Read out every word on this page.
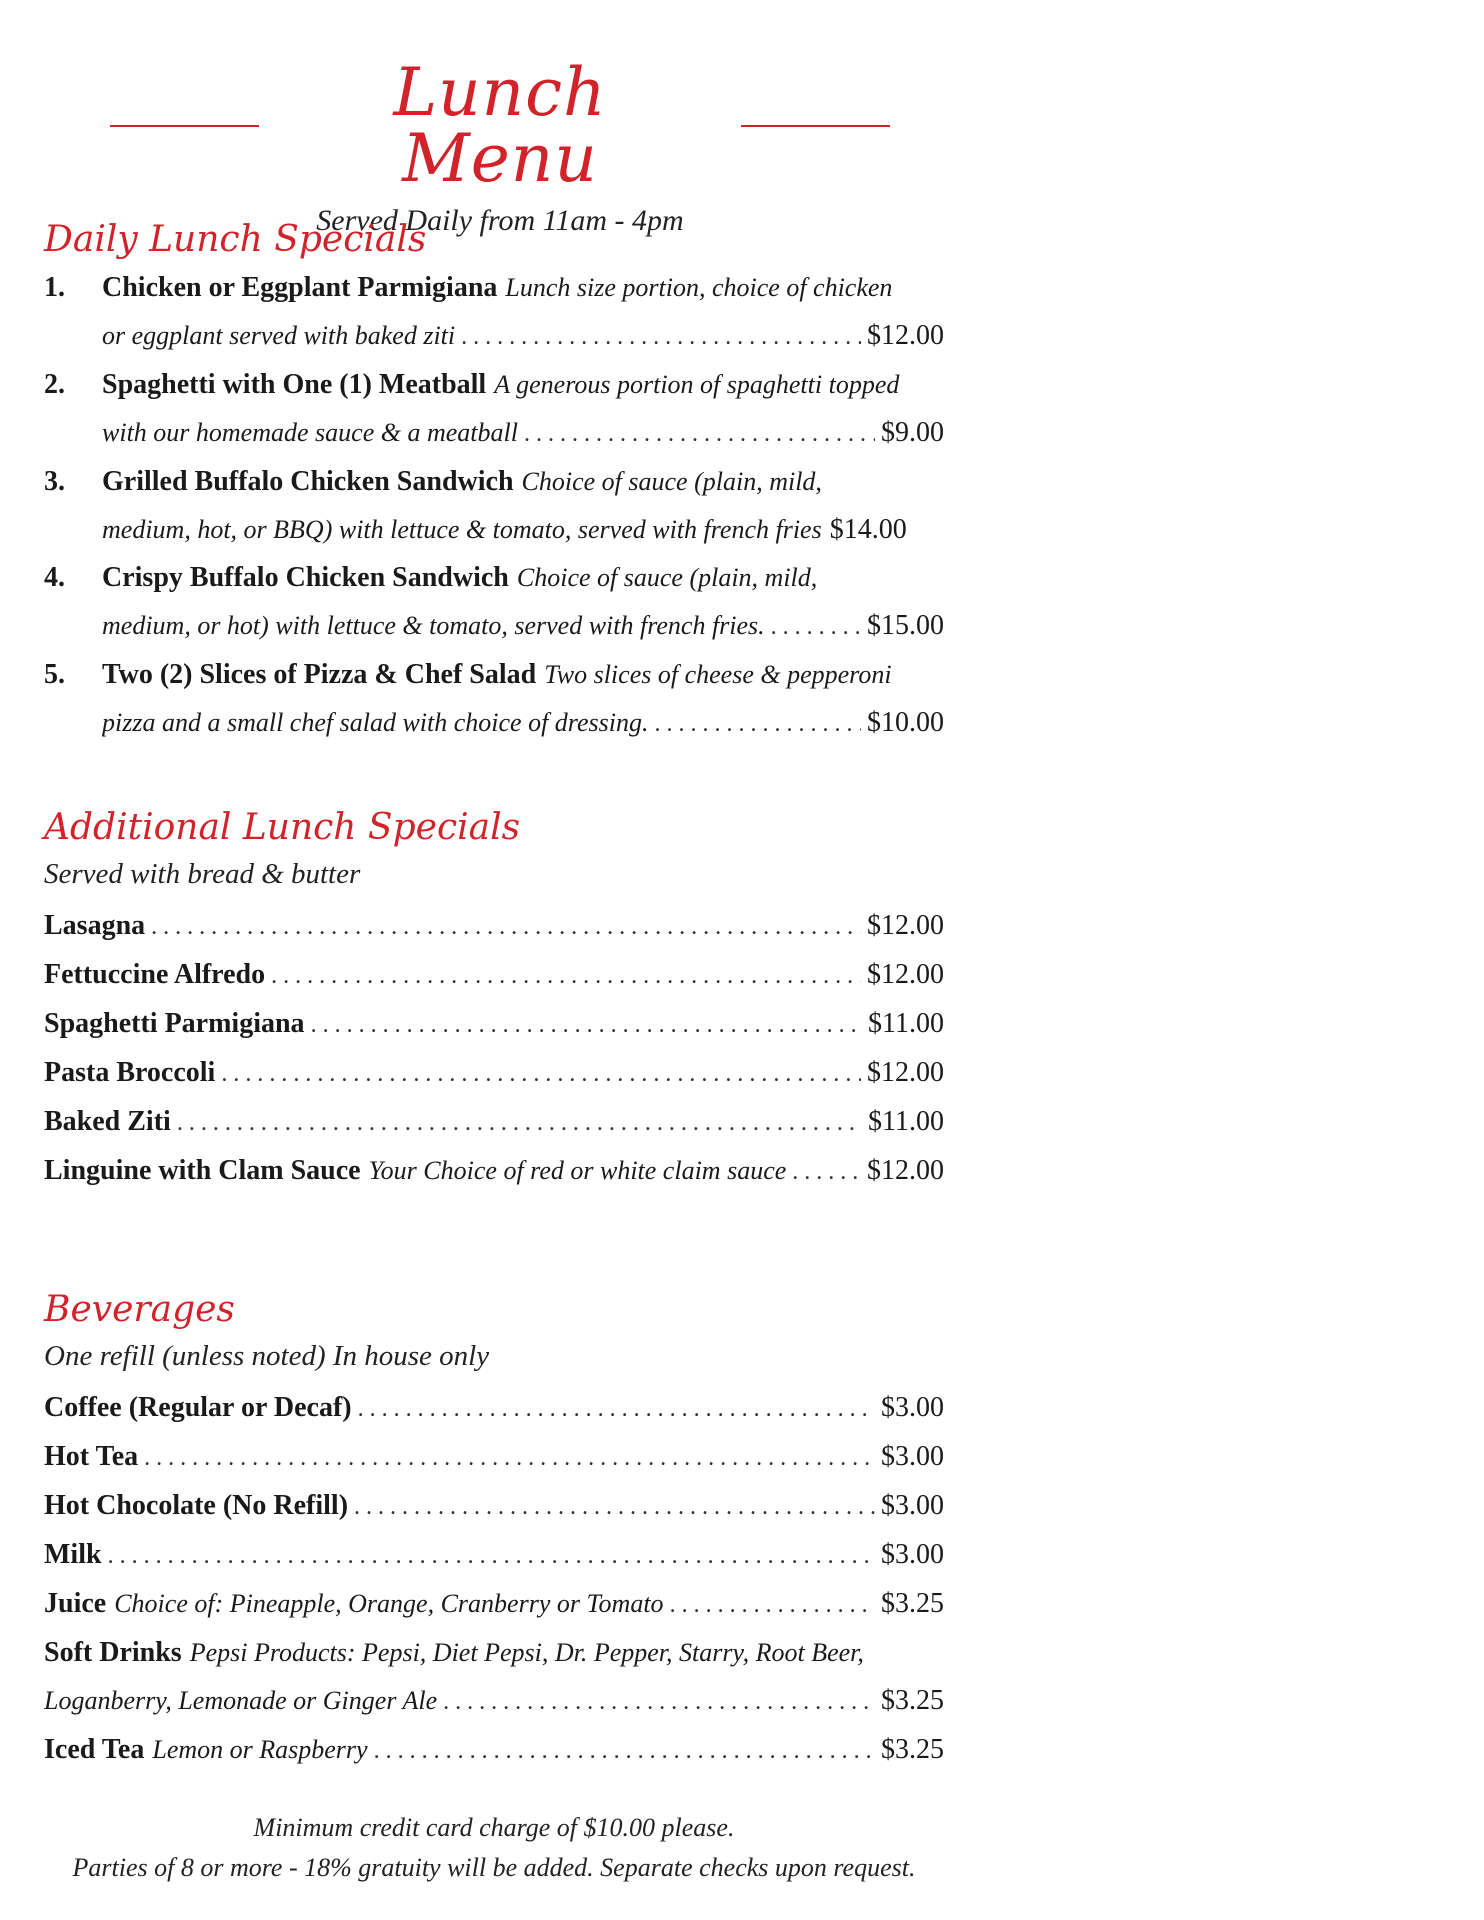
Lunch Menu
Served Daily from 11am - 4pm
Daily Lunch Specials
1.	Chicken or Eggplant Parmigiana Lunch size portion, choice of chicken
or eggplant served with baked ziti . . .	$12.00
2.	Spaghetti with One (1) Meatball A generous portion of spaghetti topped
with our homemade sauce & a meatball . . .	$9.00
3.	Grilled Buffalo Chicken Sandwich Choice of sauce (plain, mild,
medium, hot, or BBQ) with lettuce & tomato, served with french fries $14.00
4.	Crispy Buffalo Chicken Sandwich Choice of sauce (plain, mild,
medium, or hot) with lettuce & tomato, served with french fries. . . .	$15.00
5.	Two (2) Slices of Pizza & Chef Salad Two slices of cheese & pepperoni
pizza and a small chef salad with choice of dressing. . . .	$10.00
Additional Lunch Specials
Served with bread & butter
Lasagna . . .	$12.00
Fettuccine Alfredo . . .	$12.00
Spaghetti Parmigiana . . .	$11.00
Pasta Broccoli . . .	$12.00
Baked Ziti . . .	$11.00
Linguine with Clam Sauce Your Choice of red or white claim sauce . . .	$12.00
Beverages
One refill (unless noted) In house only
Coffee (Regular or Decaf) . . .	$3.00
Hot Tea . . .	$3.00
Hot Chocolate (No Refill) . . .	$3.00
Milk . . .	$3.00
Juice Choice of: Pineapple, Orange, Cranberry or Tomato . . .	$3.25
Soft Drinks Pepsi Products: Pepsi, Diet Pepsi, Dr. Pepper, Starry, Root Beer,
Loganberry, Lemonade or Ginger Ale . . .	$3.25
Iced Tea Lemon or Raspberry . . .	$3.25
Minimum credit card charge of $10.00 please.
Parties of 8 or more - 18% gratuity will be added. Separate checks upon request.
